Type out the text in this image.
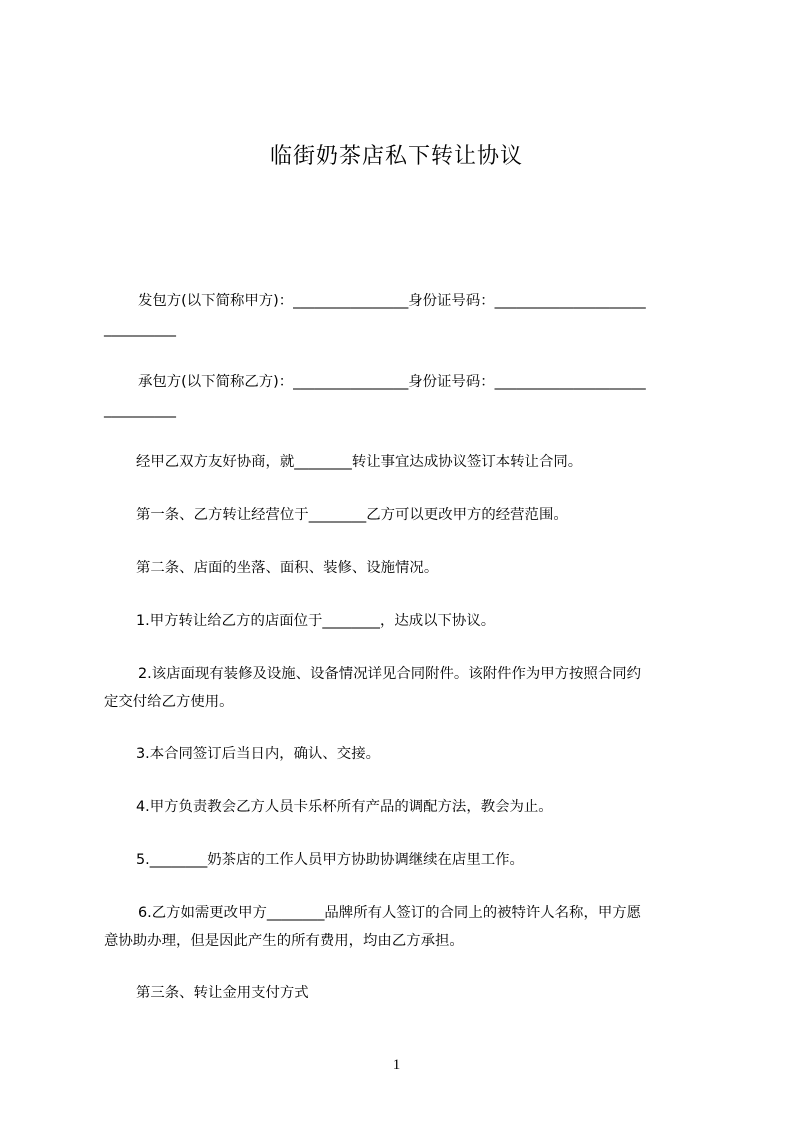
临街奶茶店私下转让协议
发包方(以下简称甲方)：________________身份证号码：_____________________
__________
承包方(以下简称乙方)：________________身份证号码：_____________________
__________
经甲乙双方友好协商，就________转让事宜达成协议签订本转让合同。
第一条、乙方转让经营位于________乙方可以更改甲方的经营范围。
第二条、店面的坐落、面积、装修、设施情况。
1.甲方转让给乙方的店面位于________，达成以下协议。
2.该店面现有装修及设施、设备情况详见合同附件。该附件作为甲方按照合同约
定交付给乙方使用。
3.本合同签订后当日内，确认、交接。
4.甲方负责教会乙方人员卡乐杯所有产品的调配方法，教会为止。
5.________奶茶店的工作人员甲方协助协调继续在店里工作。
6.乙方如需更改甲方________品牌所有人签订的合同上的被特许人名称，甲方愿
意协助办理，但是因此产生的所有费用，均由乙方承担。
第三条、转让金用支付方式
1
